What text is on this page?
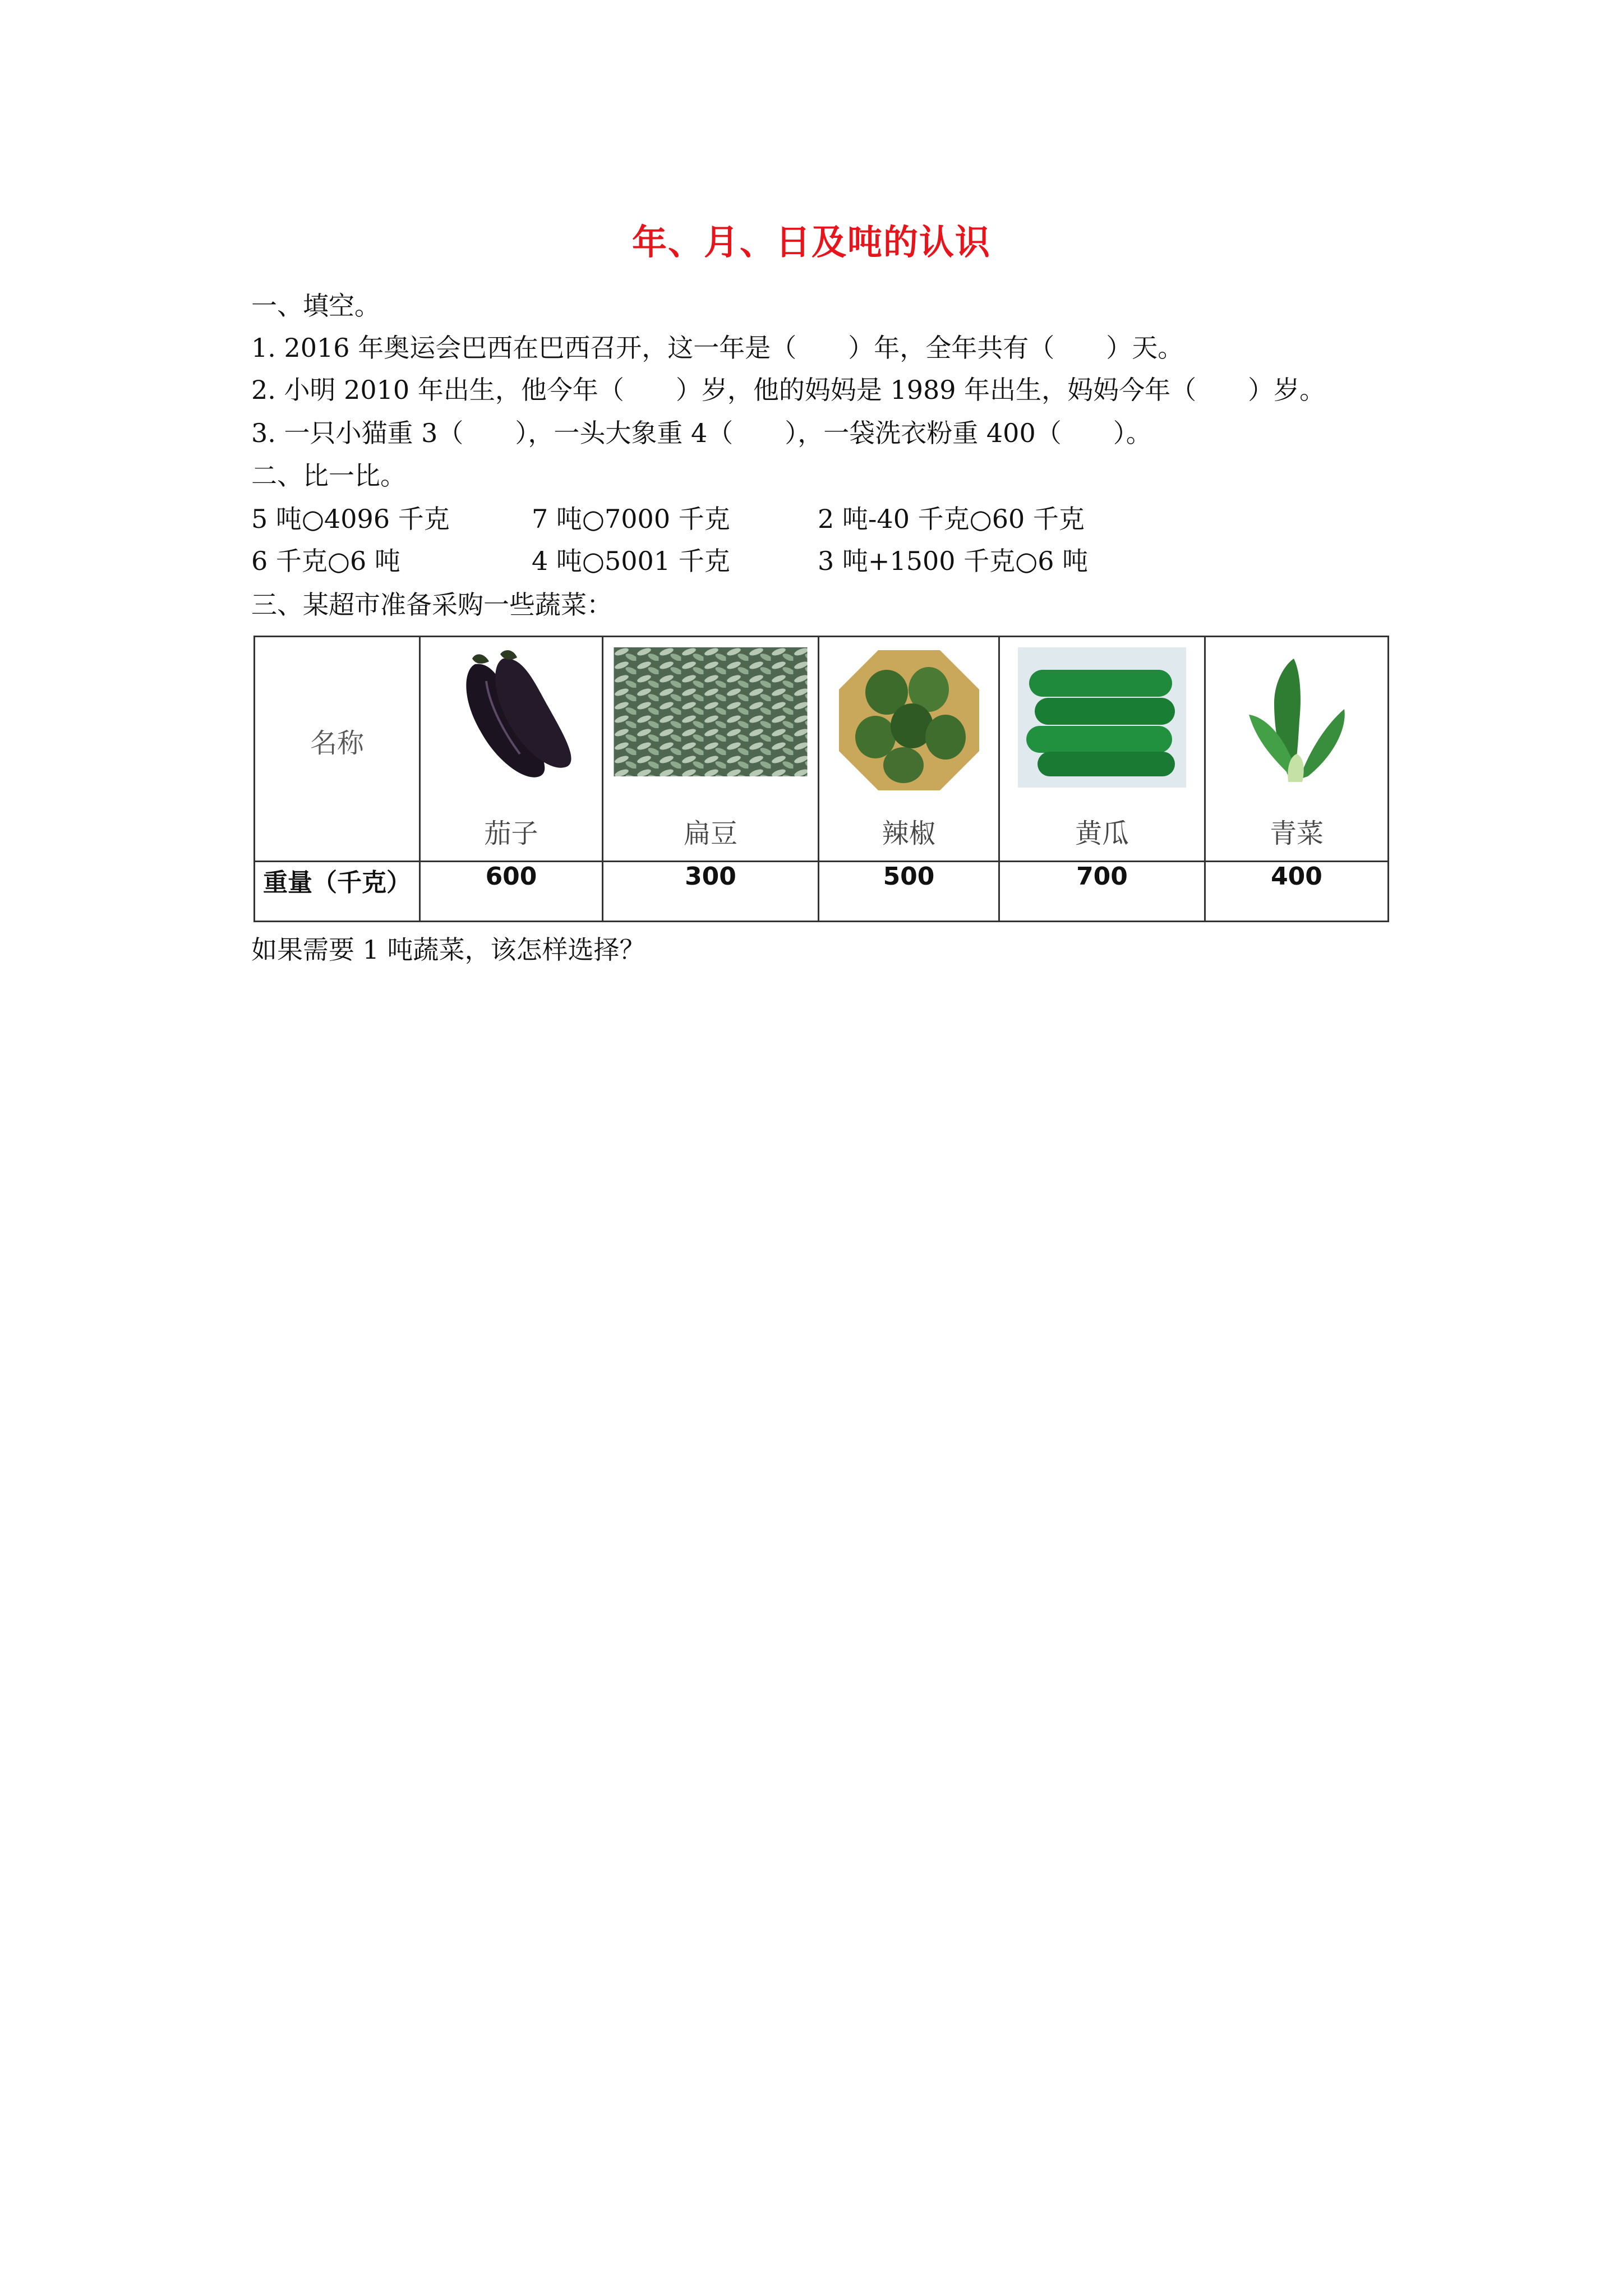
年、月、日及吨的认识
一、填空。
1. 2016 年奥运会巴西在巴西召开，这一年是（　　）年，全年共有（　　）天。
2. 小明 2010 年出生，他今年（　　）岁，他的妈妈是 1989 年出生，妈妈今年（　　）岁。
3. 一只小猫重 3（　　），一头大象重 4（　　），一袋洗衣粉重 400（　　）。
二、比一比。
5 吨○4096 千克	7 吨○7000 千克	2 吨-40 千克○60 千克
6 千克○6 吨	4 吨○5001 千克	3 吨+1500 千克○6 吨
三、某超市准备采购一些蔬菜：
名称	茄子	扁豆	辣椒	黄瓜	青菜

重量（千克）	600	300	500	700	400
如果需要 1 吨蔬菜，该怎样选择？
